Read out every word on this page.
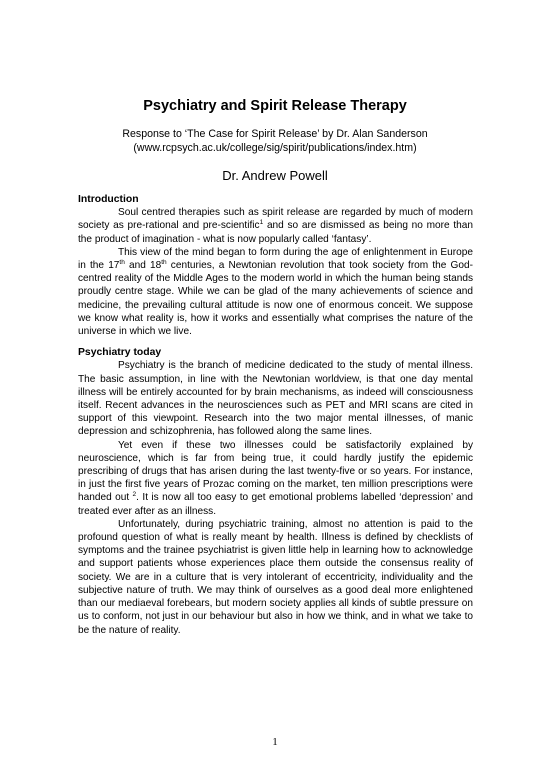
Psychiatry and Spirit Release Therapy
Response to ‘The Case for Spirit Release’ by Dr. Alan Sanderson
(www.rcpsych.ac.uk/college/sig/spirit/publications/index.htm)
Dr. Andrew Powell
Introduction

Soul centred therapies such as spirit release are regarded by much of modern society as pre-rational and pre-scientific$^1$ and so are dismissed as being no more than the product of imagination - what is now popularly called ‘fantasy’.

This view of the mind began to form during the age of enlightenment in Europe in the 17th and 18th centuries, a Newtonian revolution that took society from the God-centred reality of the Middle Ages to the modern world in which the human being stands proudly centre stage. While we can be glad of the many achievements of science and medicine, the prevailing cultural attitude is now one of enormous conceit. We suppose we know what reality is, how it works and essentially what comprises the nature of the universe in which we live.

Psychiatry today

Psychiatry is the branch of medicine dedicated to the study of mental illness. The basic assumption, in line with the Newtonian worldview, is that one day mental illness will be entirely accounted for by brain mechanisms, as indeed will consciousness itself. Recent advances in the neurosciences such as PET and MRI scans are cited in support of this viewpoint. Research into the two major mental illnesses, of manic depression and schizophrenia, has followed along the same lines.

Yet even if these two illnesses could be satisfactorily explained by neuroscience, which is far from being true, it could hardly justify the epidemic prescribing of drugs that has arisen during the last twenty-five or so years. For instance, in just the first five years of Prozac coming on the market, ten million prescriptions were handed out $^2$. It is now all too easy to get emotional problems labelled ‘depression’ and treated ever after as an illness.

Unfortunately, during psychiatric training, almost no attention is paid to the profound question of what is really meant by health. Illness is defined by checklists of symptoms and the trainee psychiatrist is given little help in learning how to acknowledge and support patients whose experiences place them outside the consensus reality of society. We are in a culture that is very intolerant of eccentricity, individuality and the subjective nature of truth. We may think of ourselves as a good deal more enlightened than our mediaeval forebears, but modern society applies all kinds of subtle pressure on us to conform, not just in our behaviour but also in how we think, and in what we take to be the nature of reality.

1
